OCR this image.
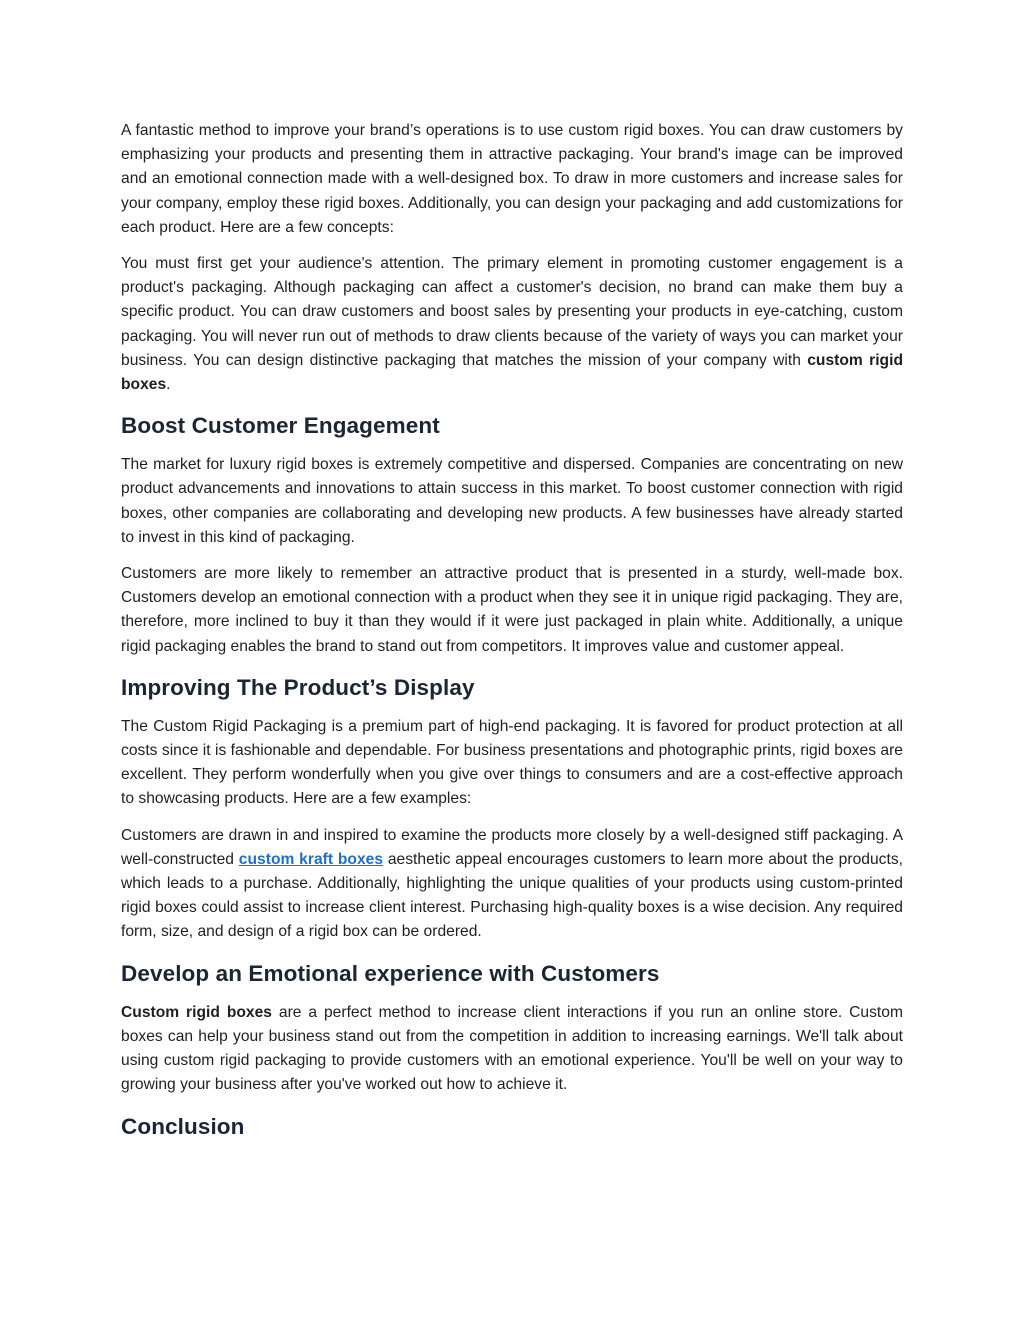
A fantastic method to improve your brand’s operations is to use custom rigid boxes. You can draw customers by emphasizing your products and presenting them in attractive packaging. Your brand's image can be improved and an emotional connection made with a well-designed box. To draw in more customers and increase sales for your company, employ these rigid boxes. Additionally, you can design your packaging and add customizations for each product. Here are a few concepts:

You must first get your audience's attention. The primary element in promoting customer engagement is a product's packaging. Although packaging can affect a customer's decision, no brand can make them buy a specific product. You can draw customers and boost sales by presenting your products in eye-catching, custom packaging. You will never run out of methods to draw clients because of the variety of ways you can market your business. You can design distinctive packaging that matches the mission of your company with custom rigid boxes.

Boost Customer Engagement

The market for luxury rigid boxes is extremely competitive and dispersed. Companies are concentrating on new product advancements and innovations to attain success in this market. To boost customer connection with rigid boxes, other companies are collaborating and developing new products. A few businesses have already started to invest in this kind of packaging.

Customers are more likely to remember an attractive product that is presented in a sturdy, well-made box. Customers develop an emotional connection with a product when they see it in unique rigid packaging. They are, therefore, more inclined to buy it than they would if it were just packaged in plain white. Additionally, a unique rigid packaging enables the brand to stand out from competitors. It improves value and customer appeal.

Improving The Product’s Display

The Custom Rigid Packaging is a premium part of high-end packaging. It is favored for product protection at all costs since it is fashionable and dependable. For business presentations and photographic prints, rigid boxes are excellent. They perform wonderfully when you give over things to consumers and are a cost-effective approach to showcasing products. Here are a few examples:

Customers are drawn in and inspired to examine the products more closely by a well-designed stiff packaging. A well-constructed custom kraft boxes aesthetic appeal encourages customers to learn more about the products, which leads to a purchase. Additionally, highlighting the unique qualities of your products using custom-printed rigid boxes could assist to increase client interest. Purchasing high-quality boxes is a wise decision. Any required form, size, and design of a rigid box can be ordered.

Develop an Emotional experience with Customers

Custom rigid boxes are a perfect method to increase client interactions if you run an online store. Custom boxes can help your business stand out from the competition in addition to increasing earnings. We'll talk about using custom rigid packaging to provide customers with an emotional experience. You'll be well on your way to growing your business after you've worked out how to achieve it.

Conclusion
